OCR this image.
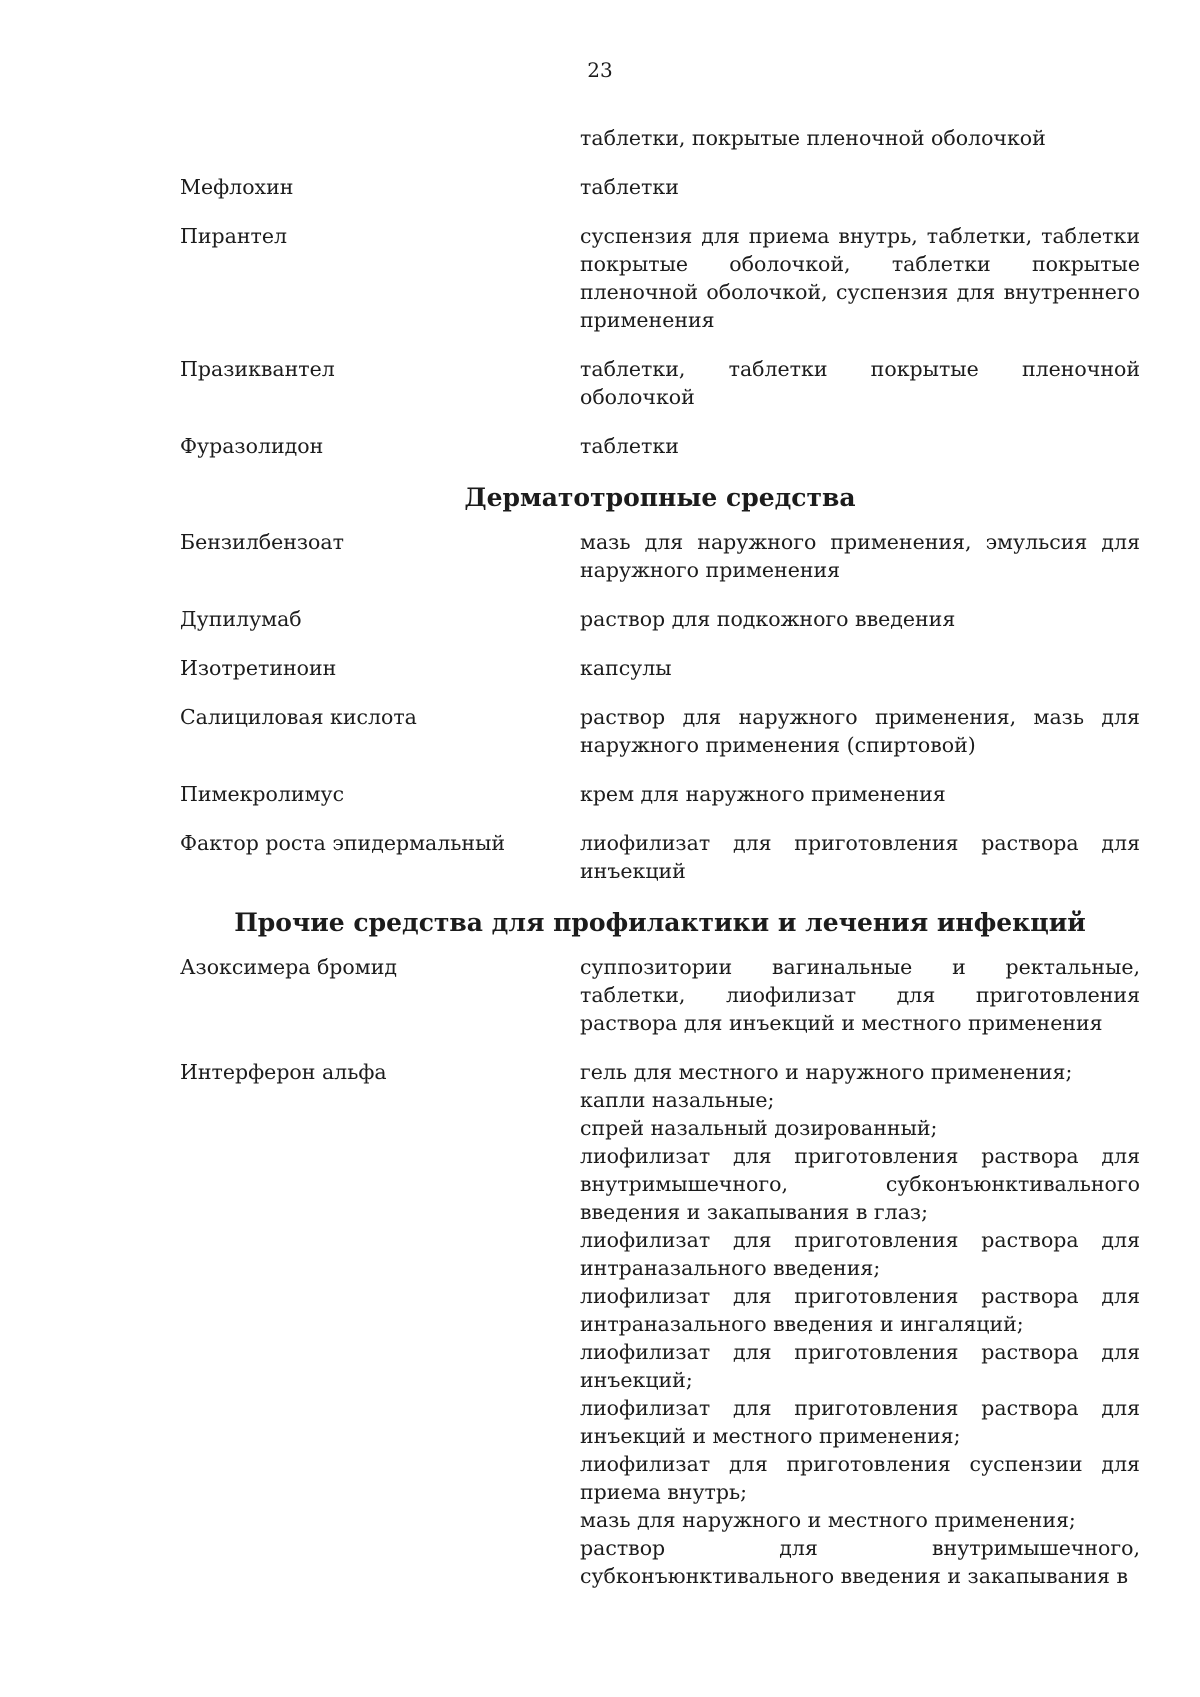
23
таблетки, покрытые пленочной оболочкой
Мефлохин	таблетки
Пирантел	суспензия для приема внутрь, таблетки, таблетки покрытые оболочкой, таблетки покрытые пленочной оболочкой, суспензия для внутреннего применения
Празиквантел	таблетки, таблетки покрытые пленочной оболочкой
Фуразолидон	таблетки
Дерматотропные средства
Бензилбензоат	мазь для наружного применения, эмульсия для наружного применения
Дупилумаб	раствор для подкожного введения
Изотретиноин	капсулы
Салициловая кислота	раствор для наружного применения, мазь для наружного применения (спиртовой)
Пимекролимус	крем для наружного применения
Фактор роста эпидермальный	лиофилизат для приготовления раствора для инъекций
Прочие средства для профилактики и лечения инфекций
Азоксимера бромид	суппозитории вагинальные и ректальные, таблетки, лиофилизат для приготовления раствора для инъекций и местного применения
Интерферон альфа	гель для местного и наружного применения;
капли назальные;
спрей назальный дозированный;
лиофилизат для приготовления раствора для внутримышечного, субконъюнктивального введения и закапывания в глаз;
лиофилизат для приготовления раствора для интраназального введения;
лиофилизат для приготовления раствора для интраназального введения и ингаляций;
лиофилизат для приготовления раствора для инъекций;
лиофилизат для приготовления раствора для инъекций и местного применения;
лиофилизат для приготовления суспензии для приема внутрь;
мазь для наружного и местного применения;
раствор для внутримышечного, субконъюнктивального введения и закапывания в
